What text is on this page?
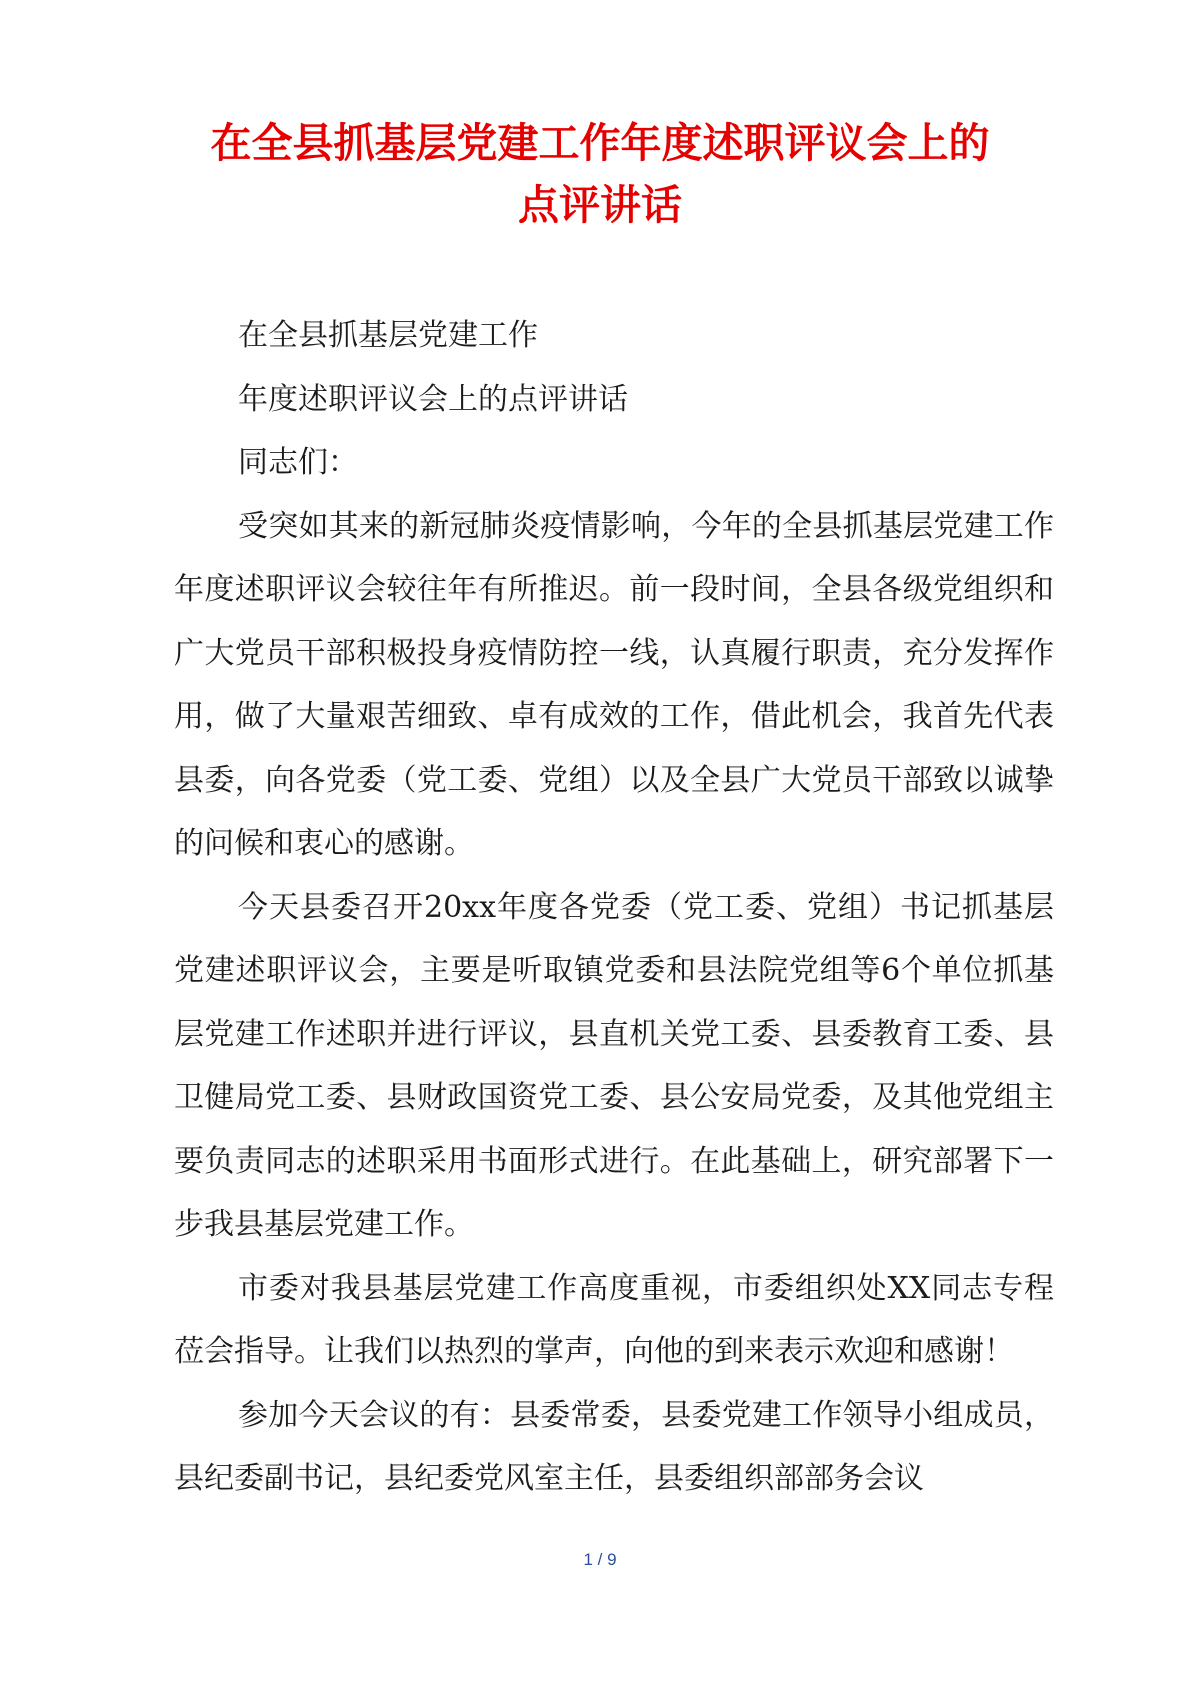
在全县抓基层党建工作年度述职评议会上的
点评讲话

在全县抓基层党建工作

年度述职评议会上的点评讲话

同志们：

受突如其来的新冠肺炎疫情影响，今年的全县抓基层党建工作年度述职评议会较往年有所推迟。前一段时间，全县各级党组织和广大党员干部积极投身疫情防控一线，认真履行职责，充分发挥作用，做了大量艰苦细致、卓有成效的工作，借此机会，我首先代表县委，向各党委（党工委、党组）以及全县广大党员干部致以诚挚的问候和衷心的感谢。

今天县委召开20xx年度各党委（党工委、党组）书记抓基层党建述职评议会，主要是听取镇党委和县法院党组等6个单位抓基层党建工作述职并进行评议，县直机关党工委、县委教育工委、县卫健局党工委、县财政国资党工委、县公安局党委，及其他党组主要负责同志的述职采用书面形式进行。在此基础上，研究部署下一步我县基层党建工作。

市委对我县基层党建工作高度重视，市委组织处XX同志专程莅会指导。让我们以热烈的掌声，向他的到来表示欢迎和感谢！

参加今天会议的有：县委常委，县委党建工作领导小组成员，县纪委副书记，县纪委党风室主任，县委组织部部务会议

1 / 9
